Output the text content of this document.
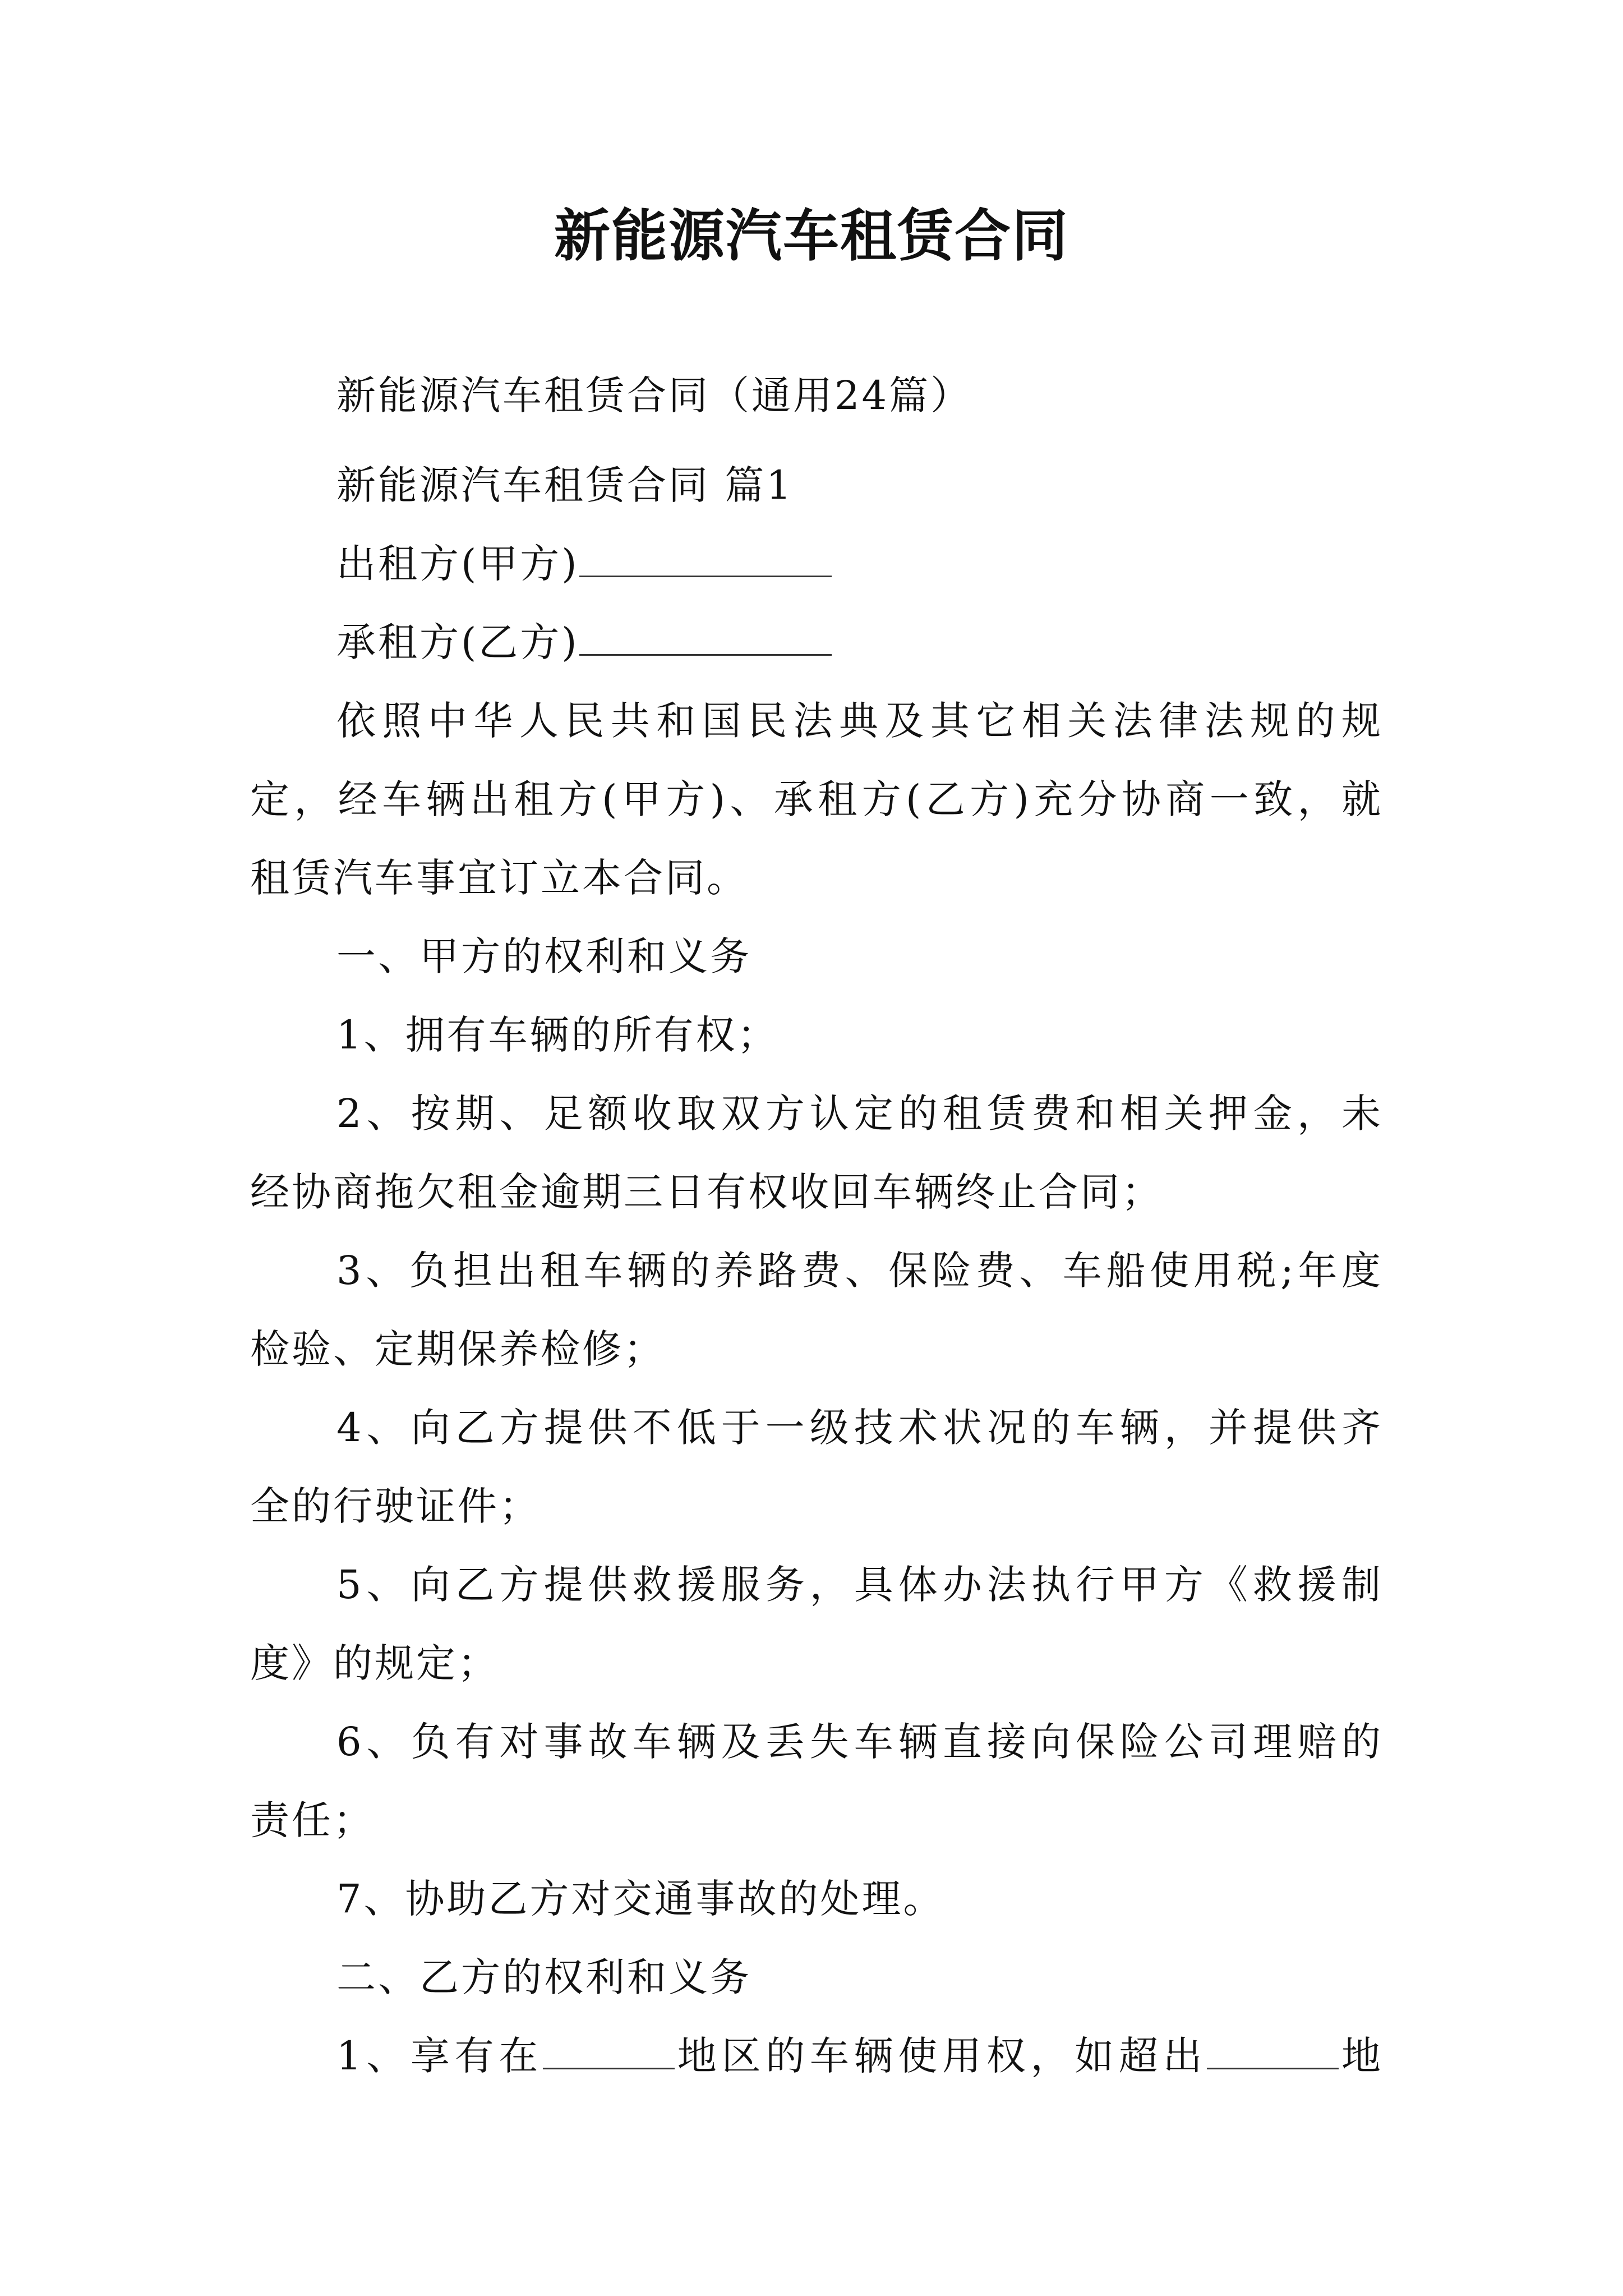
新能源汽车租赁合同
新能源汽车租赁合同（通用24篇）
新能源汽车租赁合同 篇1
出租方(甲方)
承租方(乙方)
依照中华人民共和国民法典及其它相关法律法规的规
定，经车辆出租方(甲方)、承租方(乙方)充分协商一致，就
租赁汽车事宜订立本合同。
一、甲方的权利和义务
1、拥有车辆的所有权；
2、按期、足额收取双方认定的租赁费和相关押金，未
经协商拖欠租金逾期三日有权收回车辆终止合同；
3、负担出租车辆的养路费、保险费、车船使用税;年度
检验、定期保养检修；
4、向乙方提供不低于一级技术状况的车辆，并提供齐
全的行驶证件；
5、向乙方提供救援服务，具体办法执行甲方《救援制
度》的规定；
6、负有对事故车辆及丢失车辆直接向保险公司理赔的
责任；
7、协助乙方对交通事故的处理。
二、乙方的权利和义务
1、享有在	地区的车辆使用权，如超出	地
